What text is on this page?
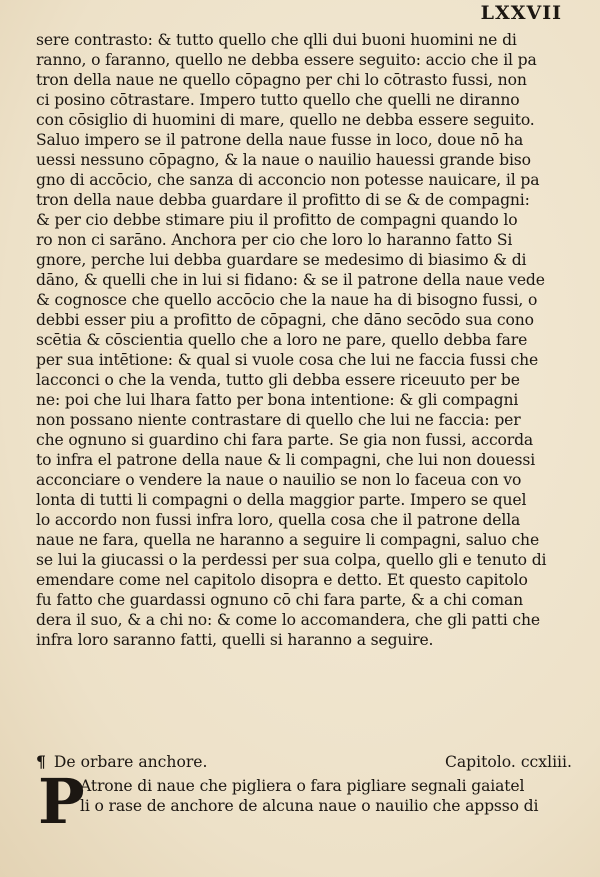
LXXVII
sere contrasto: & tutto quello che qlli dui buoni huomini ne di
ranno, o faranno, quello ne debba essere seguito: accio che il pa
tron della naue ne quello cōpagno per chi lo cōtrasto fussi, non
ci posino cōtrastare. Impero tutto quello che quelli ne diranno
con cōsiglio di huomini di mare, quello ne debba essere seguito.
Saluo impero se il patrone della naue fusse in loco, doue nō ha
uessi nessuno cōpagno, & la naue o nauilio hauessi grande biso
gno di accōcio, che sanza di acconcio non potesse nauicare, il pa
tron della naue debba guardare il profitto di se & de compagni:
& per cio debbe stimare piu il profitto de compagni quando lo
ro non ci sarāno. Anchora per cio che loro lo haranno fatto Si
gnore, perche lui debba guardare se medesimo di biasimo & di
dāno, & quelli che in lui si fidano: & se il patrone della naue vede
& cognosce che quello accōcio che la naue ha di bisogno fussi, o
debbi esser piu a profitto de cōpagni, che dāno secōdo sua cono
scētia & cōscientia quello che a loro ne pare, quello debba fare
per sua intētione: & qual si vuole cosa che lui ne faccia fussi che
lacconci o che la venda, tutto gli debba essere riceuuto per be
ne: poi che lui lhara fatto per bona intentione: & gli compagni
non possano niente contrastare di quello che lui ne faccia: per
che ognuno si guardino chi fara parte. Se gia non fussi, accorda
to infra el patrone della naue & li compagni, che lui non douessi
acconciare o vendere la naue o nauilio se non lo faceua con vo
lonta di tutti li compagni o della maggior parte. Impero se quel
lo accordo non fussi infra loro, quella cosa che il patrone della
naue ne fara, quella ne haranno a seguire li compagni, saluo che
se lui la giucassi o la perdessi per sua colpa, quello gli e tenuto di
emendare come nel capitolo disopra e detto. Et questo capitolo
fu fatto che guardassi ognuno cō chi fara parte, & a chi coman
dera il suo, & a chi no: & come lo accomandera, che gli patti che
infra loro saranno fatti, quelli si haranno a seguire.
¶ De orbare anchore.	Capitolo. ccxliii.
P
Atrone di naue che pigliera o fara pigliare segnali gaiatel
li o rase de anchore de alcuna naue o nauilio che appsso di
